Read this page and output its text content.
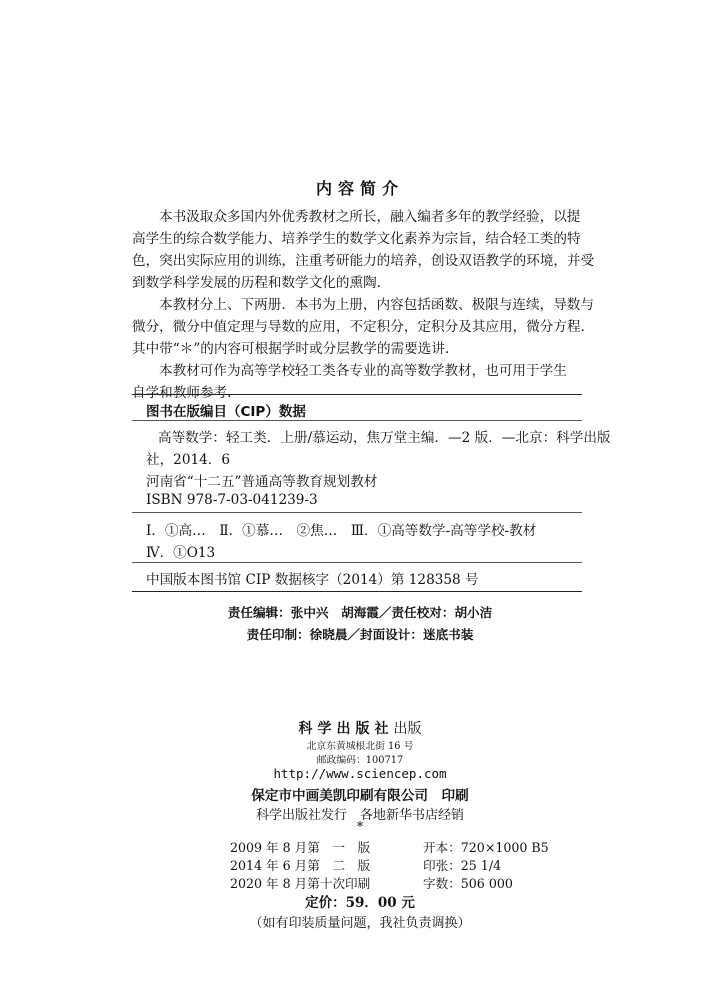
内容简介
本书汲取众多国内外优秀教材之所长，融入编者多年的教学经验，以提
高学生的综合数学能力、培养学生的数学文化素养为宗旨，结合轻工类的特
色，突出实际应用的训练，注重考研能力的培养，创设双语教学的环境，并受
到数学科学发展的历程和数学文化的熏陶.
本教材分上、下两册．本书为上册，内容包括函数、极限与连续，导数与
微分，微分中值定理与导数的应用，不定积分，定积分及其应用，微分方程．
其中带“＊”的内容可根据学时或分层教学的需要选讲.
本教材可作为高等学校轻工类各专业的高等数学教材，也可用于学生
自学和教师参考.
图书在版编目（CIP）数据
高等数学：轻工类．上册/慕运动，焦万堂主编．—2 版．—北京：科学出版
社，2014．6
河南省“十二五”普通高等教育规划教材
ISBN 978-7-03-041239-3
Ⅰ．①高…　Ⅱ．①慕…　②焦…　Ⅲ．①高等数学-高等学校-教材
Ⅳ．①O13
中国版本图书馆 CIP 数据核字（2014）第 128358 号
责任编辑：张中兴　胡海霞／责任校对：胡小洁
责任印制：徐晓晨／封面设计：迷底书装
科学出版社出版
北京东黄城根北街 16 号
邮政编码：100717
http://www.sciencep.com
保定市中画美凯印刷有限公司　印刷
科学出版社发行　各地新华书店经销
*
2009 年 8 月第　一　版	开本：720×1000 B5
2014 年 6 月第　二　版	印张：25 1/4
2020 年 8 月第十次印刷	字数：506 000
定价：59．00 元
（如有印装质量问题，我社负责调换）
